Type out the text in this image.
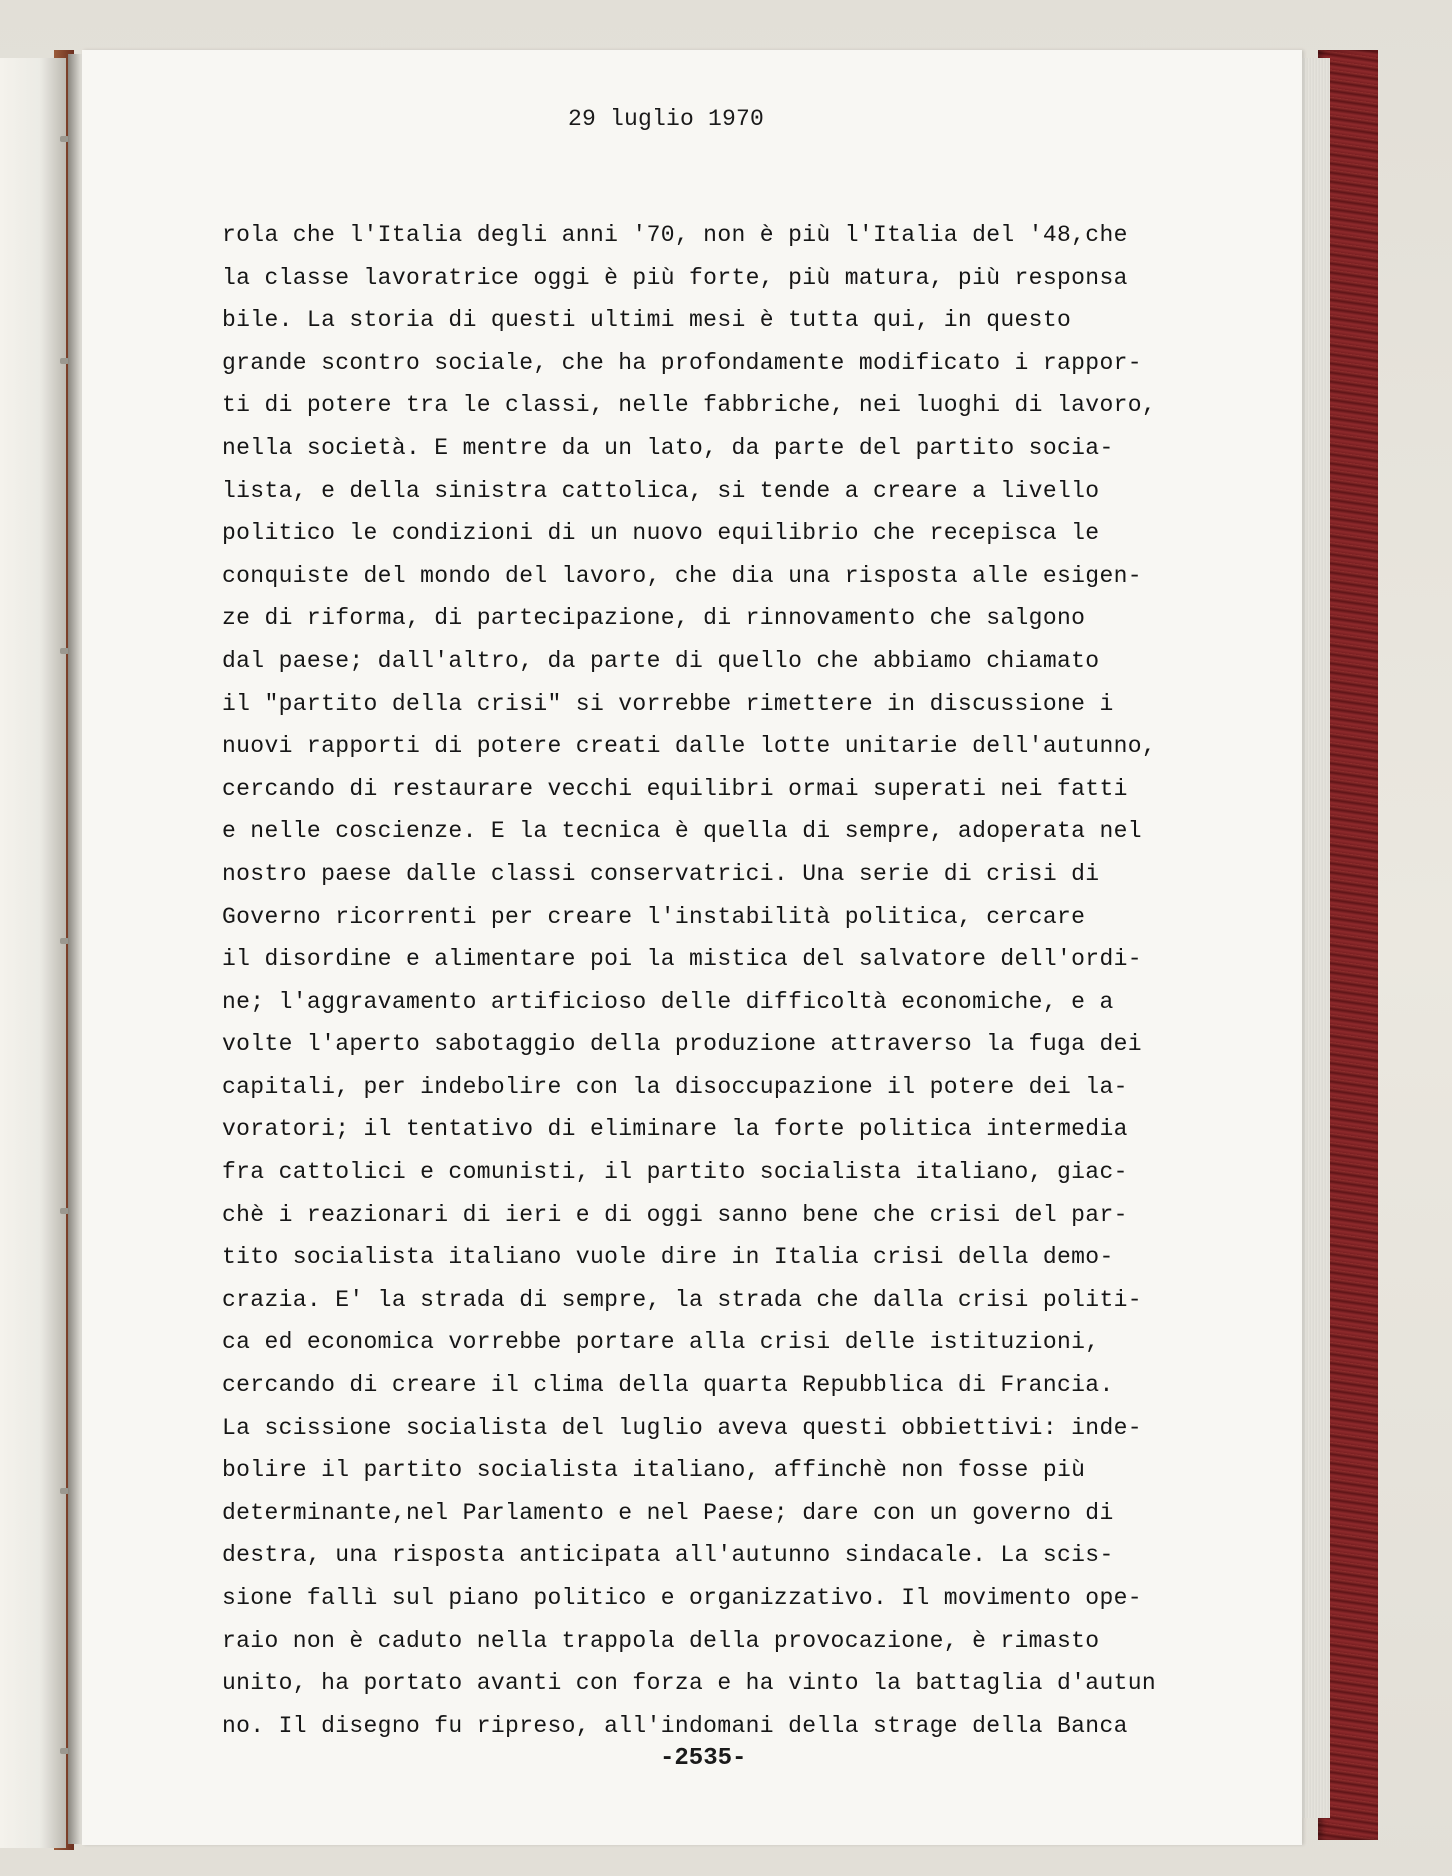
29 luglio 1970
rola che l'Italia degli anni '70, non è più l'Italia del '48,che
la classe lavoratrice oggi è più forte, più matura, più responsa
bile. La storia di questi ultimi mesi è tutta qui, in questo
grande scontro sociale, che ha profondamente modificato i rappor-
ti di potere tra le classi, nelle fabbriche, nei luoghi di lavoro,
nella società. E mentre da un lato, da parte del partito socia-
lista, e della sinistra cattolica, si tende a creare a livello
politico le condizioni di un nuovo equilibrio che recepisca le
conquiste del mondo del lavoro, che dia una risposta alle esigen-
ze di riforma, di partecipazione, di rinnovamento che salgono
dal paese; dall'altro, da parte di quello che abbiamo chiamato
il "partito della crisi" si vorrebbe rimettere in discussione i
nuovi rapporti di potere creati dalle lotte unitarie dell'autunno,
cercando di restaurare vecchi equilibri ormai superati nei fatti
e nelle coscienze. E la tecnica è quella di sempre, adoperata nel
nostro paese dalle classi conservatrici. Una serie di crisi di
Governo ricorrenti per creare l'instabilità politica, cercare
il disordine e alimentare poi la mistica del salvatore dell'ordi-
ne; l'aggravamento artificioso delle difficoltà economiche, e a
volte l'aperto sabotaggio della produzione attraverso la fuga dei
capitali, per indebolire con la disoccupazione il potere dei la-
voratori; il tentativo di eliminare la forte politica intermedia
fra cattolici e comunisti, il partito socialista italiano, giac-
chè i reazionari di ieri e di oggi sanno bene che crisi del par-
tito socialista italiano vuole dire in Italia crisi della demo-
crazia. E' la strada di sempre, la strada che dalla crisi politi-
ca ed economica vorrebbe portare alla crisi delle istituzioni,
cercando di creare il clima della quarta Repubblica di Francia.
La scissione socialista del luglio aveva questi obbiettivi: inde-
bolire il partito socialista italiano, affinchè non fosse più
determinante,nel Parlamento e nel Paese; dare con un governo di
destra, una risposta anticipata all'autunno sindacale. La scis-
sione fallì sul piano politico e organizzativo. Il movimento ope-
raio non è caduto nella trappola della provocazione, è rimasto
unito, ha portato avanti con forza e ha vinto la battaglia d'autun
no. Il disegno fu ripreso, all'indomani della strage della Banca
-2535-
